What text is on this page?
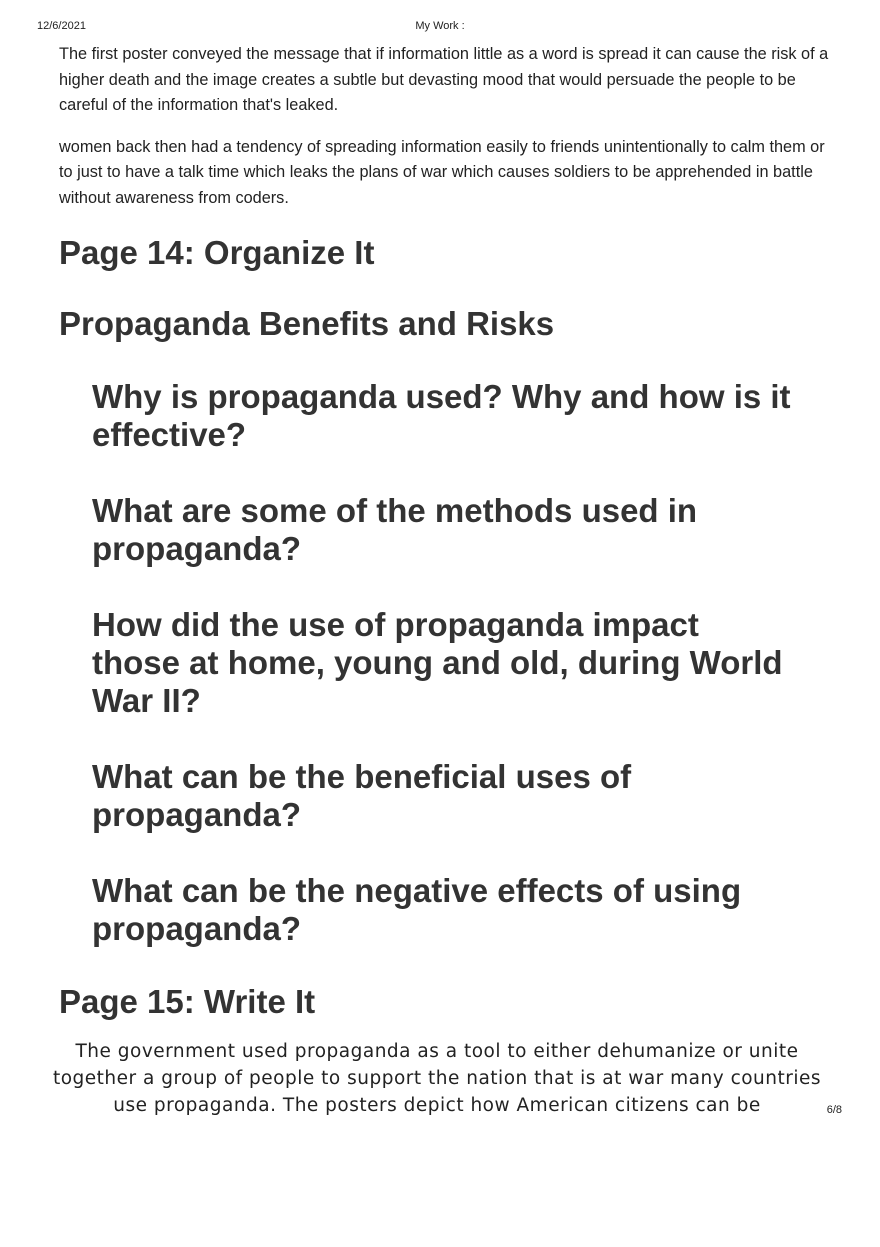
12/6/2021	My Work :

The first poster conveyed the message that if information little as a word is spread it can cause the risk of a higher death and the image creates a subtle but devasting mood that would persuade the people to be careful of the information that's leaked.

women back then had a tendency of spreading information easily to friends unintentionally to calm them or to just to have a talk time which leaks the plans of war which causes soldiers to be apprehended in battle without awareness from coders.

Page 14: Organize It
Propaganda Benefits and Risks
Why is propaganda used? Why and how is it effective?
What are some of the methods used in propaganda?
How did the use of propaganda impact those at home, young and old, during World War II?
What can be the beneficial uses of propaganda?
What can be the negative effects of using propaganda?
Page 15: Write It

The government used propaganda as a tool to either dehumanize or unite together a group of people to support the nation that is at war many countries use propaganda. The posters depict how American citizens can be	6/8
